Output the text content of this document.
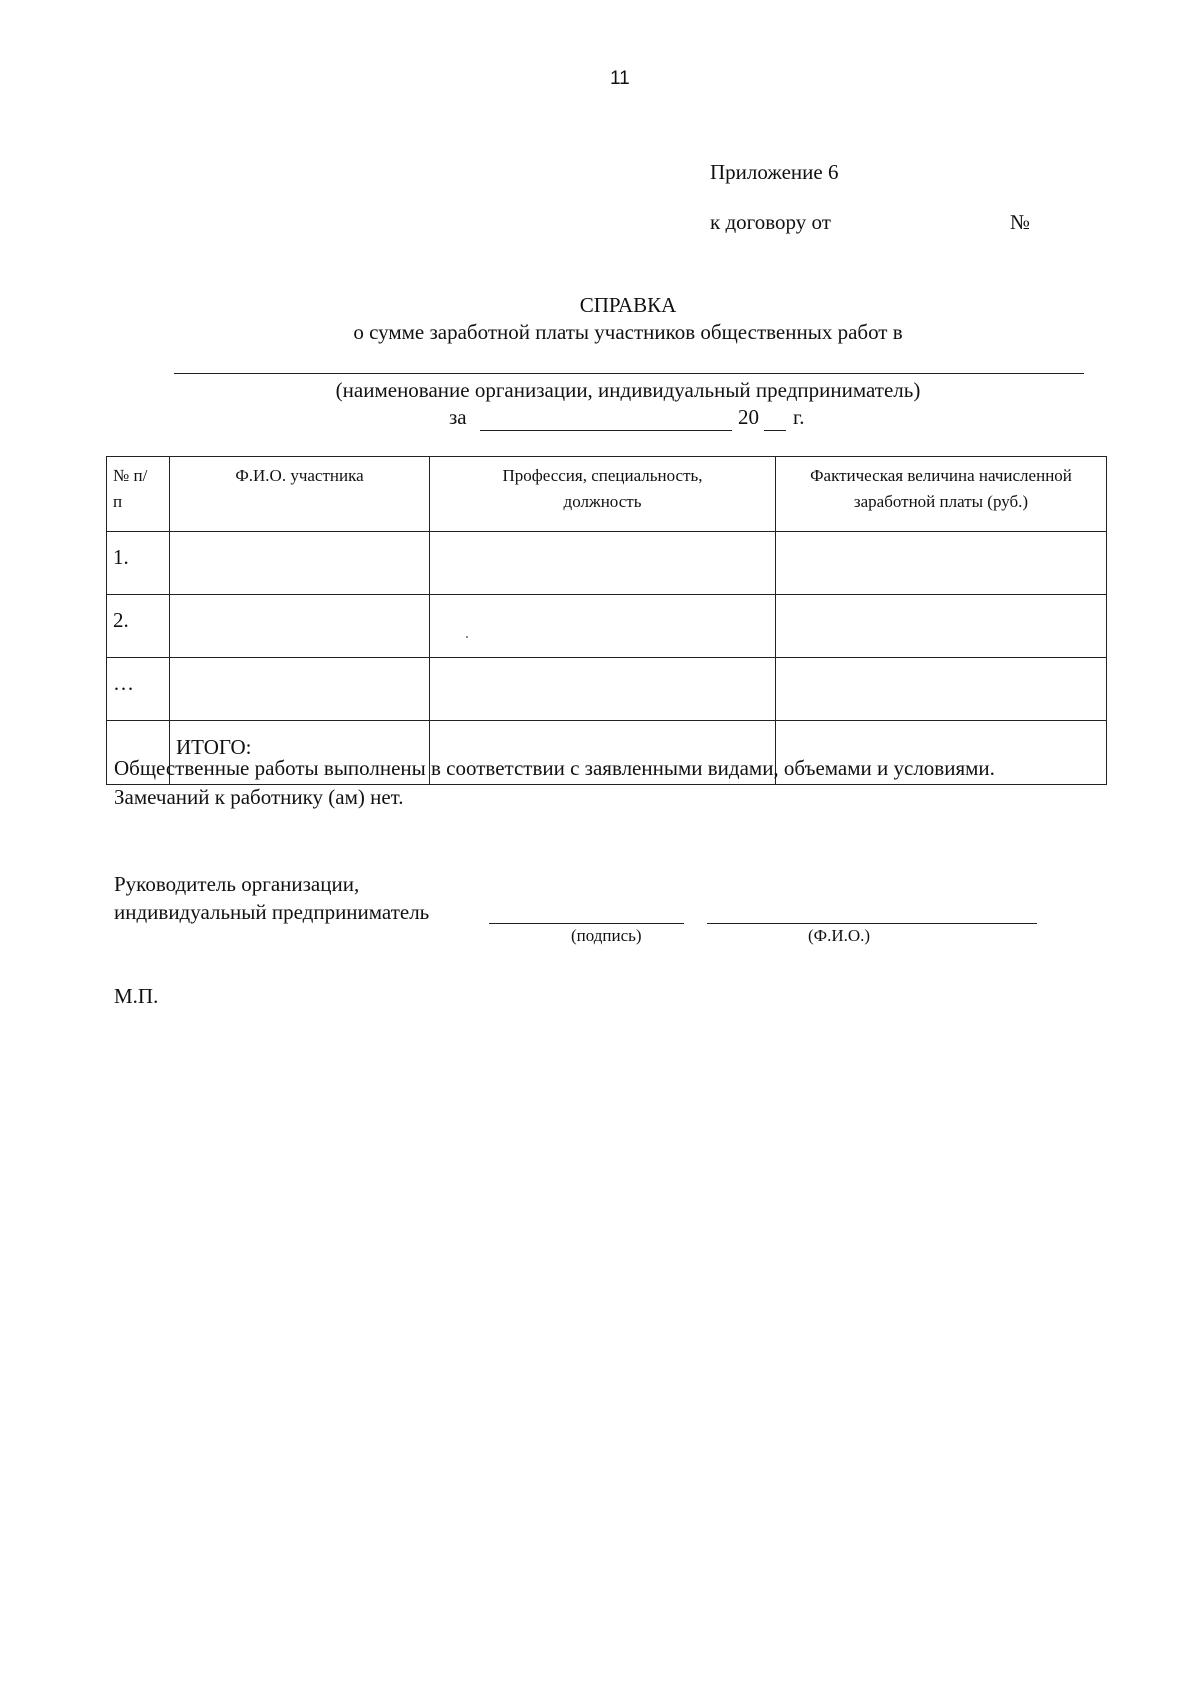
11
Приложение 6
к договору от	№
СПРАВКА
о сумме заработной платы участников общественных работ в
(наименование организации, индивидуальный предприниматель)
за	20 г.
№ п/п	Ф.И.О. участника	Профессия, специальность, должность	Фактическая величина начисленной заработной платы (руб.)
1.			
2.			
…			
	ИТОГО:		
Общественные работы выполнены в соответствии с заявленными видами, объемами и условиями.
Замечаний к работнику (ам) нет.
Руководитель организации,
индивидуальный предприниматель
(подпись)	(Ф.И.О.)
М.П.
